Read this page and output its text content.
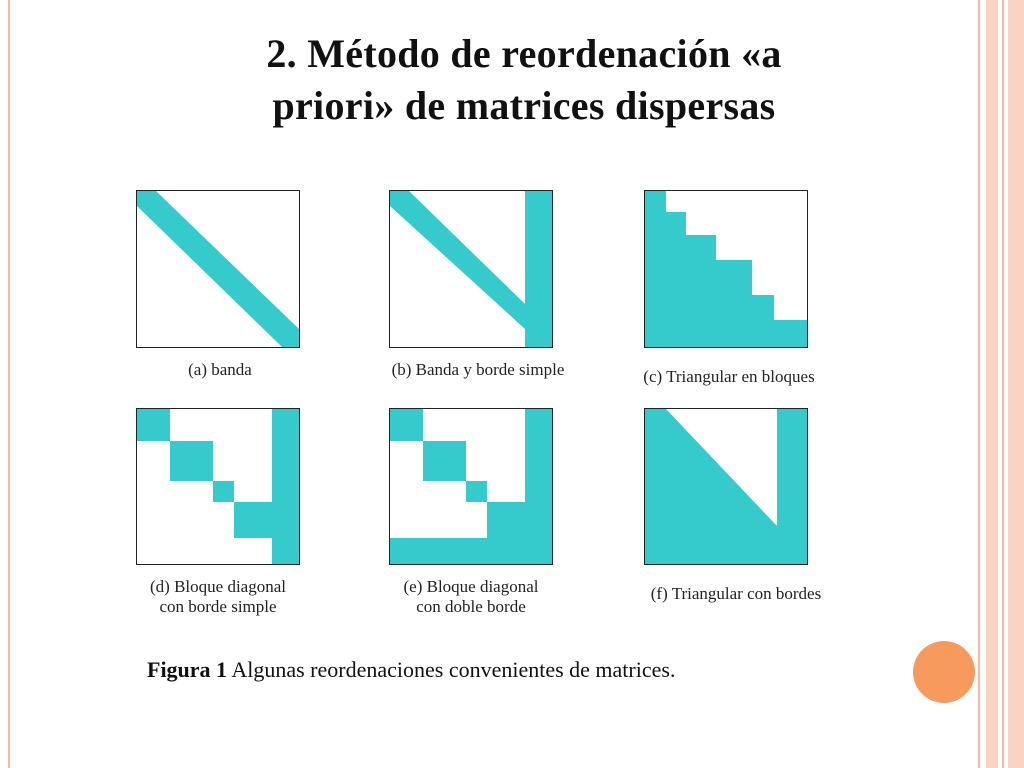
2. Método de reordenación «a
priori» de matrices dispersas
(a) banda	(b) Banda y borde simple	(c) Triangular en bloques
(d) Bloque diagonal
con borde simple
(e) Bloque diagonal
con doble borde
(f) Triangular con bordes
Figura 1 Algunas reordenaciones convenientes de matrices.
